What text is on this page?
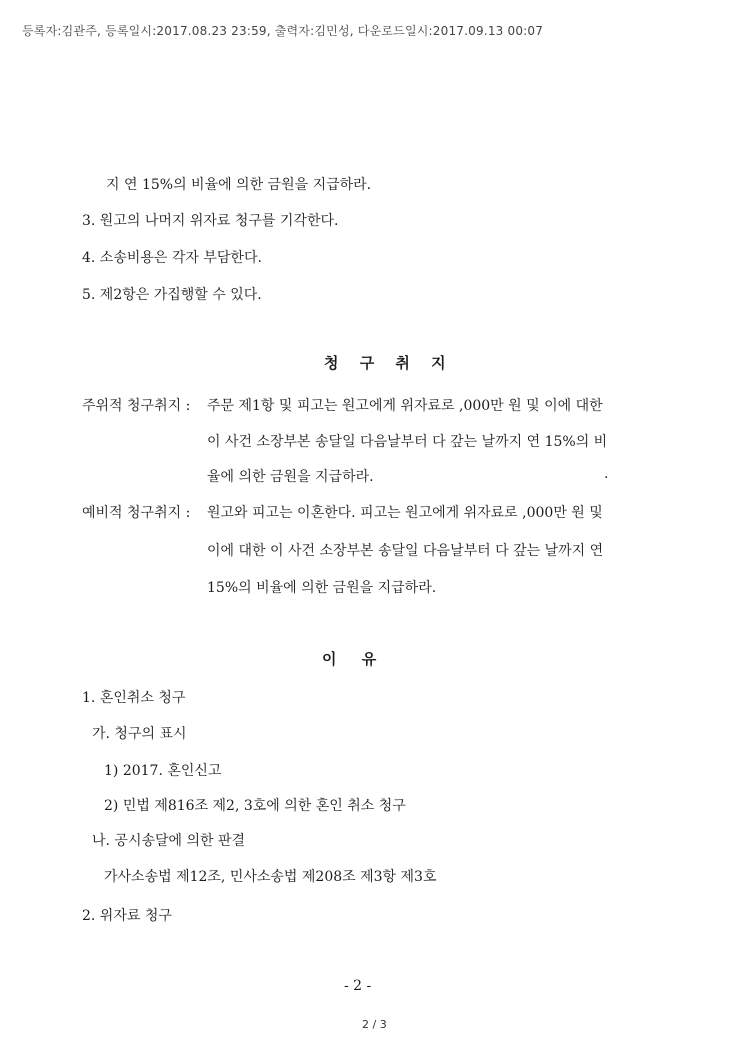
등록자:김관주, 등록일시:2017.08.23 23:59, 출력자:김민성, 다운로드일시:2017.09.13 00:07
지 연 15%의 비율에 의한 금원을 지급하라.
3. 원고의 나머지 위자료 청구를 기각한다.
4. 소송비용은 각자 부담한다.
5. 제2항은 가집행할 수 있다.
청 구 취 지
주위적 청구취지 : 주문 제1항 및 피고는 원고에게 위자료로 ,000만 원 및 이에 대한
이 사건 소장부본 송달일 다음날부터 다 갚는 날까지 연 15%의 비
율에 의한 금원을 지급하라.	.
예비적 청구취지 : 원고와 피고는 이혼한다. 피고는 원고에게 위자료로 ,000만 원 및
이에 대한 이 사건 소장부본 송달일 다음날부터 다 갚는 날까지 연
15%의 비율에 의한 금원을 지급하라.
이 유
1. 혼인취소 청구
가. 청구의 표시
1) 2017. 혼인신고
2) 민법 제816조 제2, 3호에 의한 혼인 취소 청구
나. 공시송달에 의한 판결
가사소송법 제12조, 민사소송법 제208조 제3항 제3호
2. 위자료 청구
- 2 -
2 / 3
